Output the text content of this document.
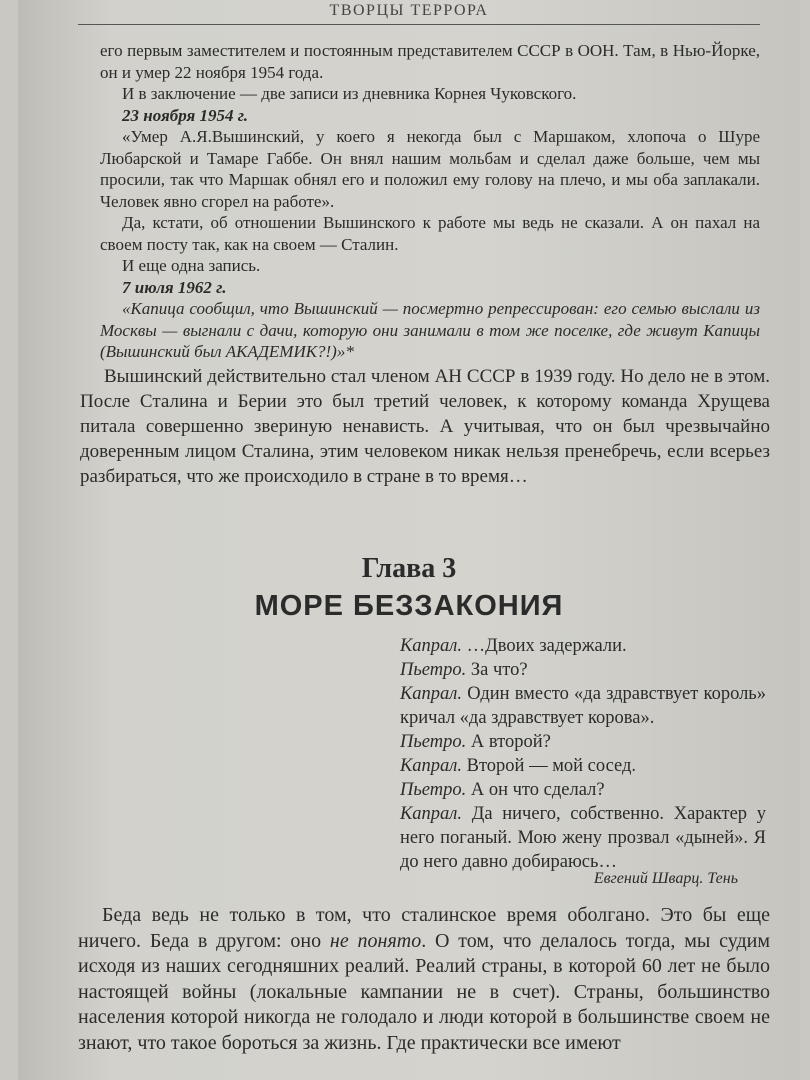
ТВОРЦЫ ТЕРРОРА

его первым заместителем и постоянным представителем СССР в ООН. Там, в Нью-Йорке, он и умер 22 ноября 1954 года.

И в заключение — две записи из дневника Корнея Чуковского.

23 ноября 1954 г.

«Умер А.Я.Вышинский, у коего я некогда был с Маршаком, хлопоча о Шуре Любарской и Тамаре Габбе. Он внял нашим мольбам и сделал даже больше, чем мы просили, так что Маршак обнял его и положил ему голову на плечо, и мы оба заплакали. Человек явно сгорел на работе».

Да, кстати, об отношении Вышинского к работе мы ведь не сказали. А он пахал на своем посту так, как на своем — Сталин.

И еще одна запись.

7 июля 1962 г.

«Капица сообщил, что Вышинский — посмертно репрессирован: его семью выслали из Москвы — выгнали с дачи, которую они занимали в том же поселке, где живут Капицы (Вышинский был АКАДЕМИК?!)»*

Вышинский действительно стал членом АН СССР в 1939 году. Но дело не в этом. После Сталина и Берии это был третий человек, к которому команда Хрущева питала совершенно звериную ненависть. А учитывая, что он был чрезвычайно доверенным лицом Сталина, этим человеком никак нельзя пренебречь, если всерьез разбираться, что же происходило в стране в то время…

Глава 3
МОРЕ БЕЗЗАКОНИЯ

Капрал. …Двоих задержали.

Пьетро. За что?

Капрал. Один вместо «да здравствует король» кричал «да здравствует корова».

Пьетро. А второй?

Капрал. Второй — мой сосед.

Пьетро. А он что сделал?

Капрал. Да ничего, собственно. Характер у него поганый. Мою жену прозвал «дыней». Я до него давно добираюсь…

Евгений Шварц. Тень

Беда ведь не только в том, что сталинское время оболгано. Это бы еще ничего. Беда в другом: оно не понято. О том, что делалось тогда, мы судим исходя из наших сегодняшних реалий. Реалий страны, в которой 60 лет не было настоящей войны (локальные кампании не в счет). Страны, большинство населения которой никогда не голодало и люди которой в большинстве своем не знают, что такое бороться за жизнь. Где практически все имеют
